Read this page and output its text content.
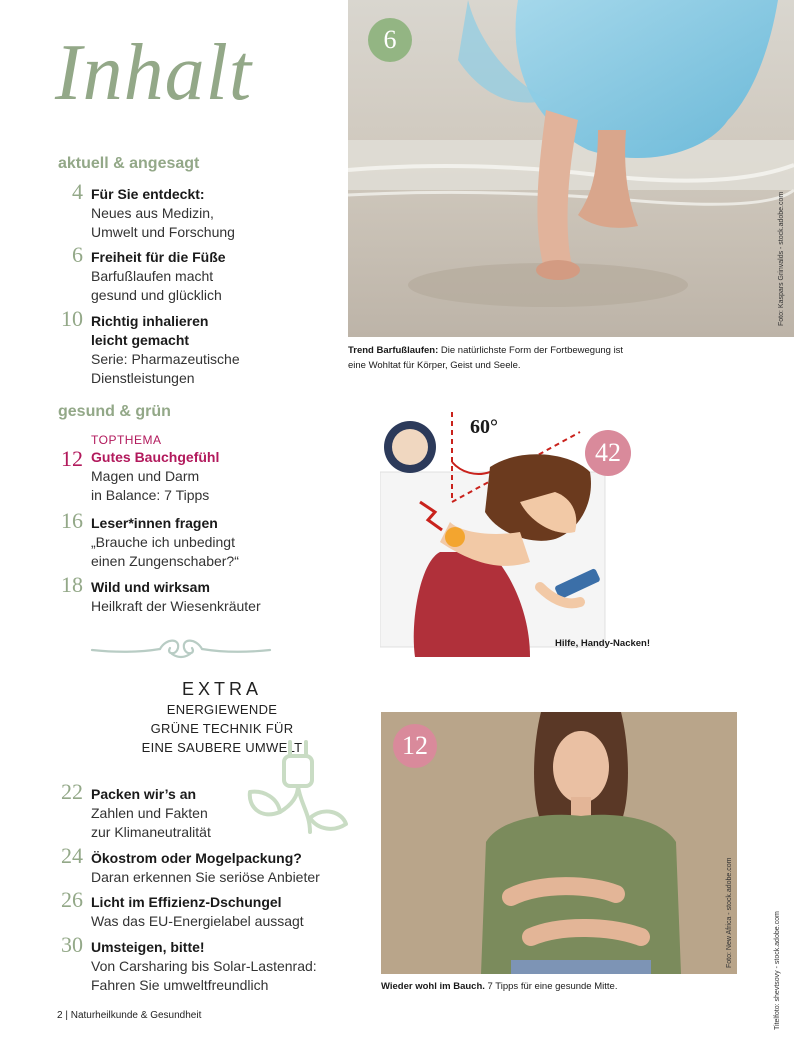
Inhalt
aktuell & angesagt
4 Für Sie entdeckt:
Neues aus Medizin,
Umwelt und Forschung
6 Freiheit für die Füße
Barfußlaufen macht
gesund und glücklich
10 Richtig inhalieren
leicht gemacht
Serie: Pharmazeutische
Dienstleistungen
gesund & grün
12
TOPTHEMA
Gutes Bauchgefühl
Magen und Darm
in Balance: 7 Tipps
16 Leser*innen fragen
„Brauche ich unbedingt
einen Zungenschaber?“
18 Wild und wirksam
Heilkraft der Wiesenkräuter
EXTRA
ENERGIEWENDE
GRÜNE TECHNIK FÜR
EINE SAUBERE UMWELT
22 Packen wir’s an
Zahlen und Fakten
zur Klimaneutralität
24 Ökostrom oder Mogelpackung?
Daran erkennen Sie seriöse Anbieter
26 Licht im Effizienz-Dschungel
Was das EU-Energielabel aussagt
30 Umsteigen, bitte!
Von Carsharing bis Solar-Lastenrad:
Fahren Sie umweltfreundlich
6
Foto: Kaspars Grinvalds - stock.adobe.com
Trend Barfußlaufen: Die natürlichste Form der Fortbewegung ist
eine Wohltat für Körper, Geist und Seele.
60°
42
Hilfe, Handy-Nacken!
12
Foto: New Africa - stock.adobe.com
Wieder wohl im Bauch. 7 Tipps für eine gesunde Mitte.	Titelfoto: shevtsovy - stock.adobe.com
2 | Naturheilkunde & Gesundheit
